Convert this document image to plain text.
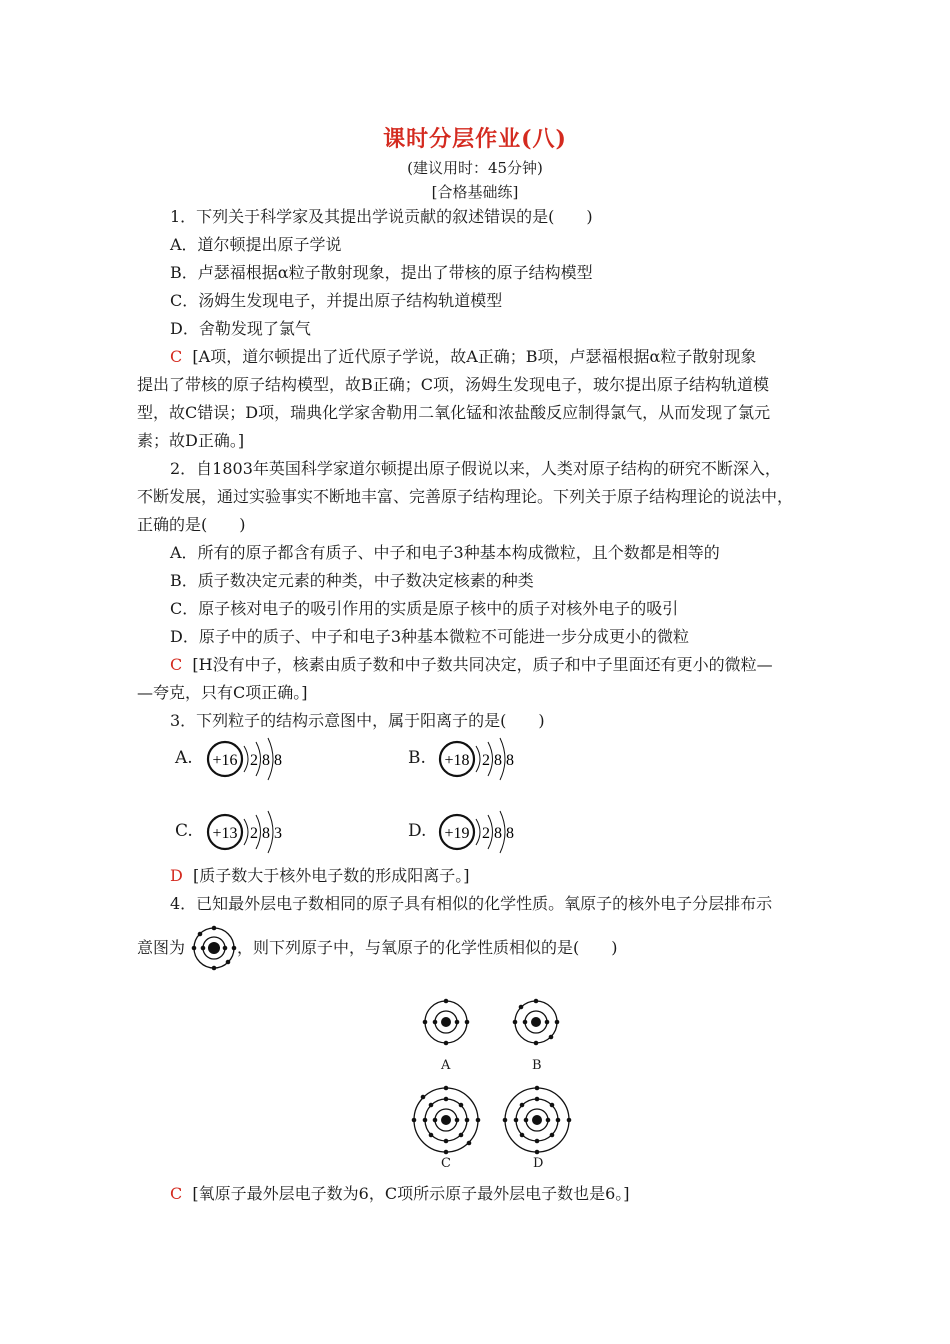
课时分层作业(八)
(建议用时：45分钟)
[合格基础练]
1．下列关于科学家及其提出学说贡献的叙述错误的是(　　)
A．道尔顿提出原子学说
B．卢瑟福根据α粒子散射现象，提出了带核的原子结构模型
C．汤姆生发现电子，并提出原子结构轨道模型
D．舍勒发现了氯气
C [A项，道尔顿提出了近代原子学说，故A正确；B项，卢瑟福根据α粒子散射现象
提出了带核的原子结构模型，故B正确；C项，汤姆生发现电子，玻尔提出原子结构轨道模
型，故C错误；D项，瑞典化学家舍勒用二氧化锰和浓盐酸反应制得氯气，从而发现了氯元
素；故D正确。]
2．自1803年英国科学家道尔顿提出原子假说以来，人类对原子结构的研究不断深入，
不断发展，通过实验事实不断地丰富、完善原子结构理论。下列关于原子结构理论的说法中，
正确的是(　　)
A．所有的原子都含有质子、中子和电子3种基本构成微粒，且个数都是相等的
B．质子数决定元素的种类，中子数决定核素的种类
C．原子核对电子的吸引作用的实质是原子核中的质子对核外电子的吸引
D．原子中的质子、中子和电子3种基本微粒不可能进一步分成更小的微粒
C [H没有中子，核素由质子数和中子数共同决定，质子和中子里面还有更小的微粒—
—夸克，只有C项正确。]
3．下列粒子的结构示意图中，属于阳离子的是(　　)
A. +16 2 8 8	B. +18 2 8 8
C. +13 2 8 3	D. +19 2 8 8
D [质子数大于核外电子数的形成阳离子。]
4．已知最外层电子数相同的原子具有相似的化学性质。氧原子的核外电子分层排布示
意图为	，则下列原子中，与氧原子的化学性质相似的是(　　)
A	B
C	D
C [氧原子最外层电子数为6，C项所示原子最外层电子数也是6。]
